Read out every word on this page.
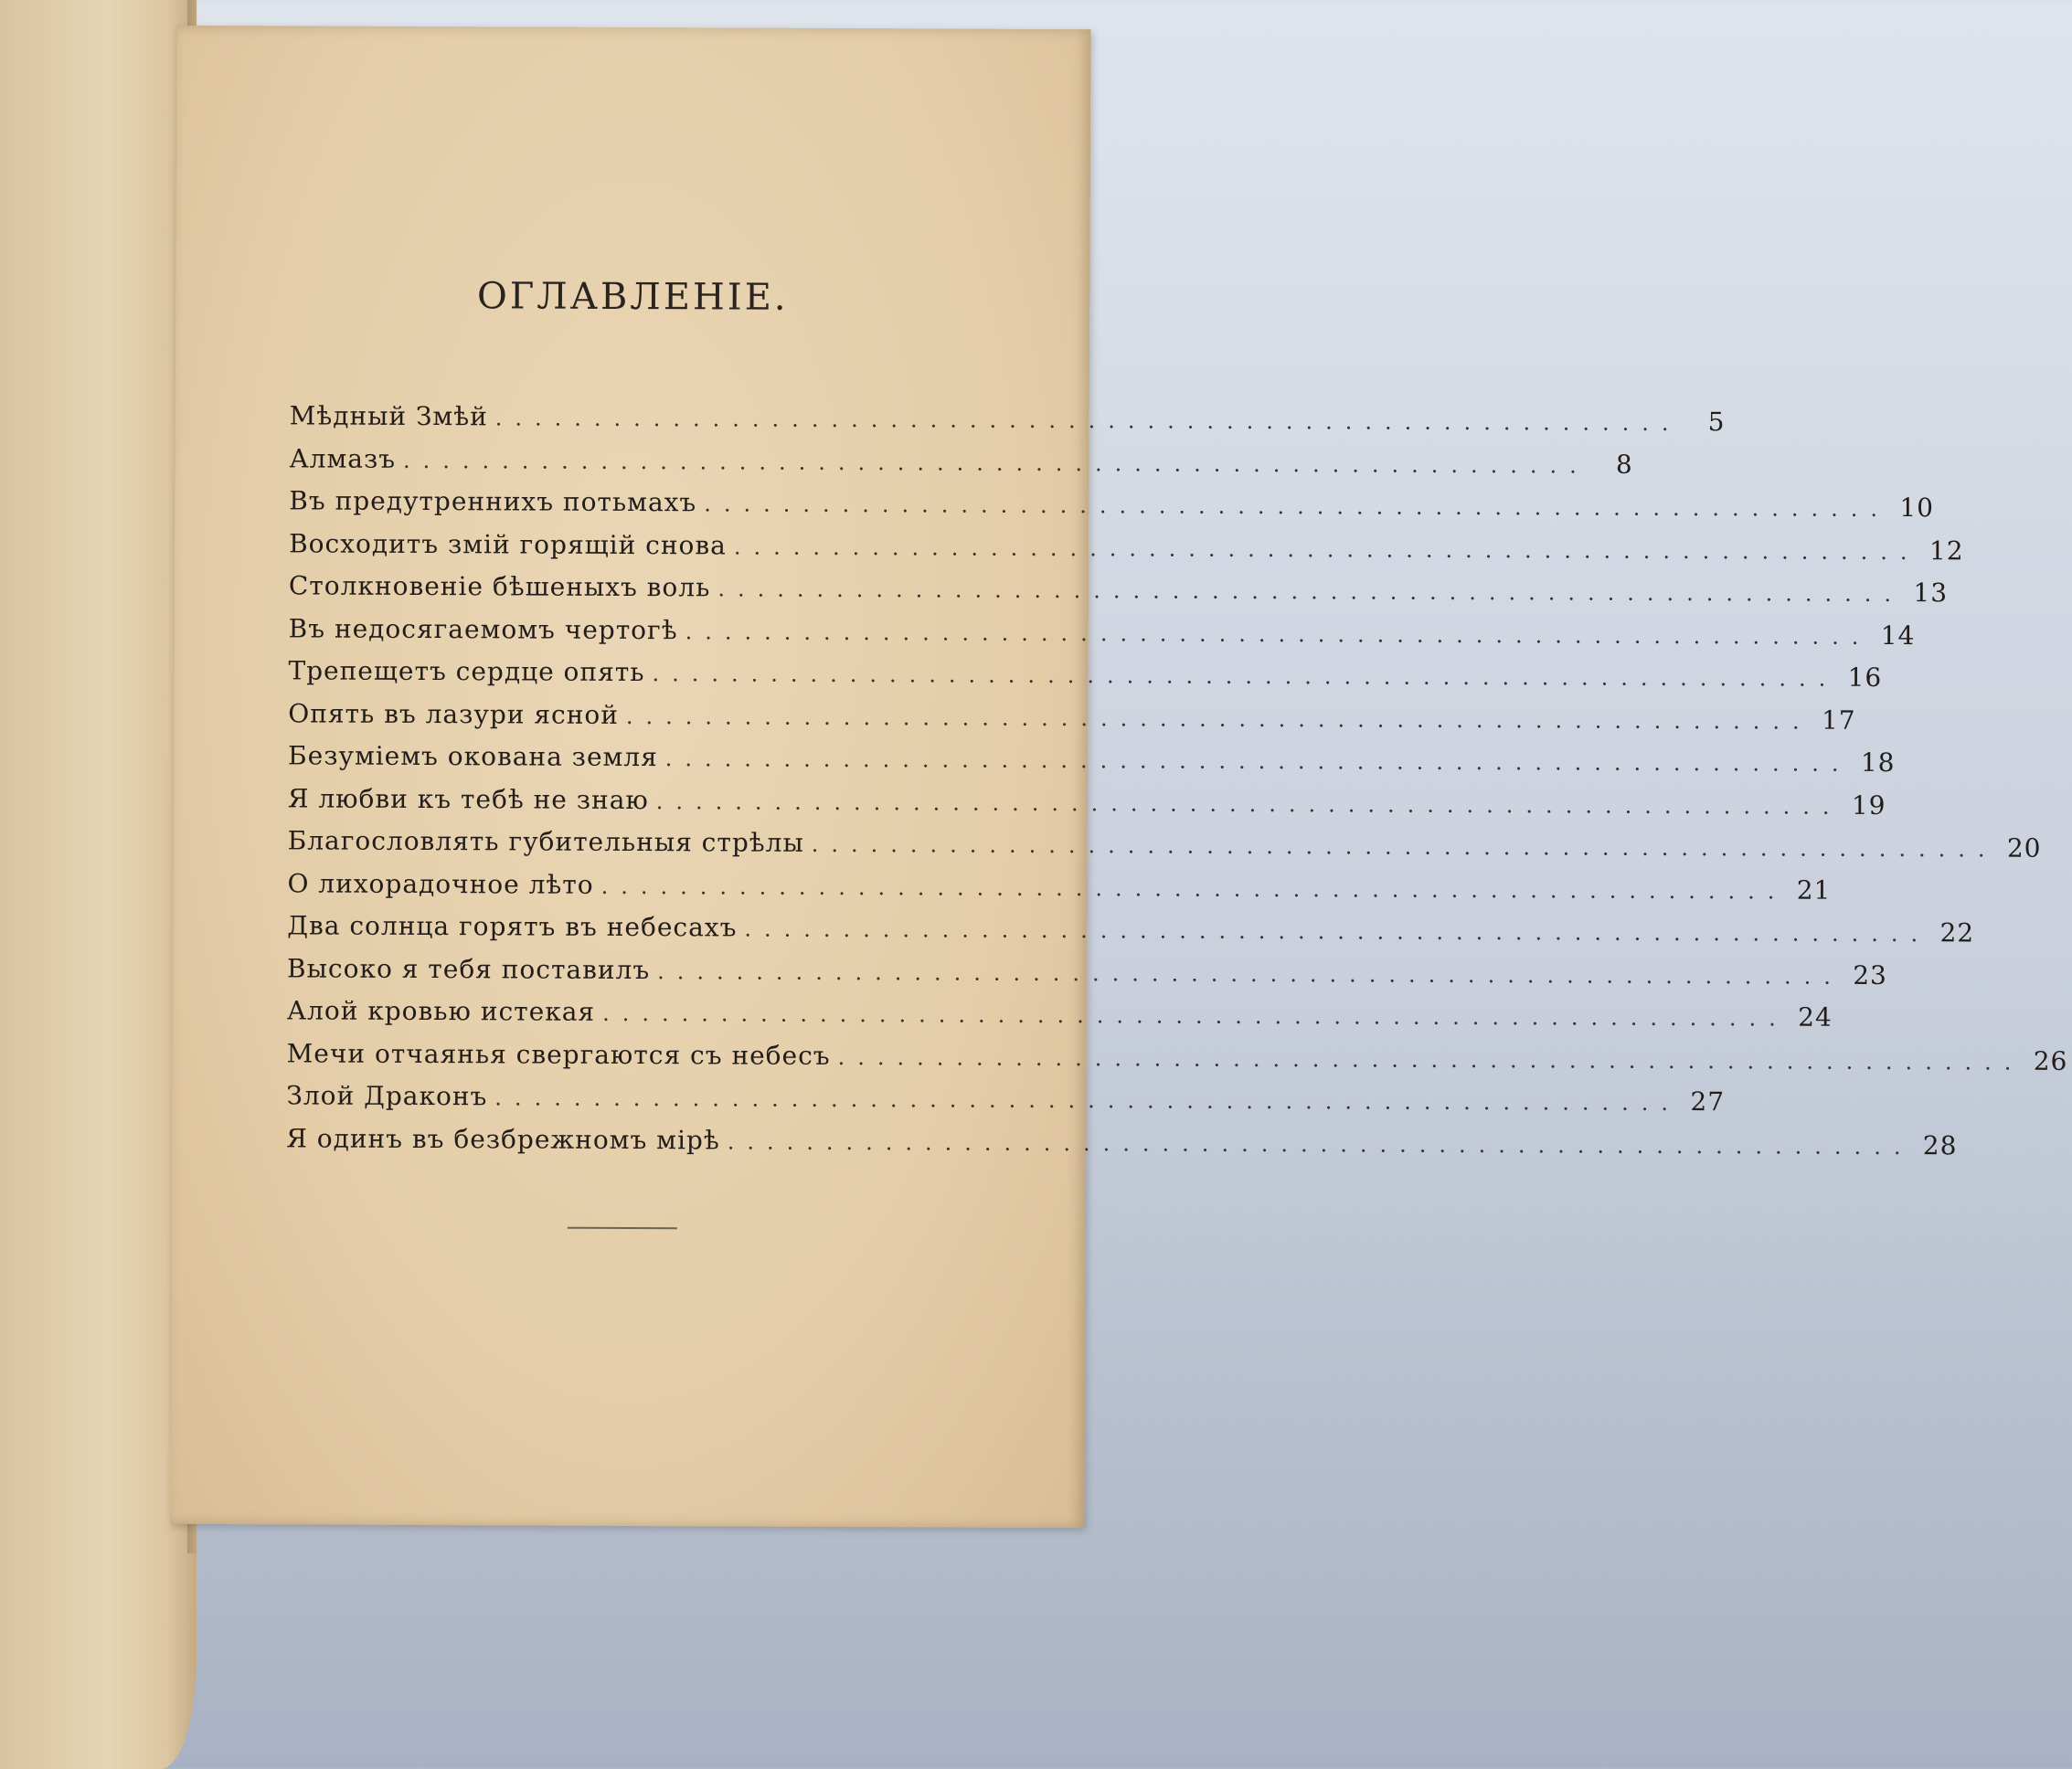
ОГЛАВЛЕНІЕ.
Мѣдный Змѣй ............................................................	5
Алмазъ ............................................................	8
Въ предутреннихъ потьмахъ ............................................................ 10
Восходитъ змій горящій снова ............................................................ 12
Столкновеніе бѣшеныхъ воль ............................................................ 13
Въ недосягаемомъ чертогѣ ............................................................ 14
Трепещетъ сердце опять ............................................................ 16
Опять въ лазури ясной ............................................................ 17
Безуміемъ окована земля ............................................................ 18
Я любви къ тебѣ не знаю ............................................................ 19
Благословлять губительныя стрѣлы ............................................................ 20
О лихорадочное лѣто ............................................................ 21
Два солнца горятъ въ небесахъ ............................................................ 22
Высоко я тебя поставилъ ............................................................ 23
Алой кровью истекая ............................................................ 24
Мечи отчаянья свергаются съ небесъ ............................................................ 26
Злой Драконъ ............................................................ 27
Я одинъ въ безбрежномъ мірѣ ............................................................ 28
